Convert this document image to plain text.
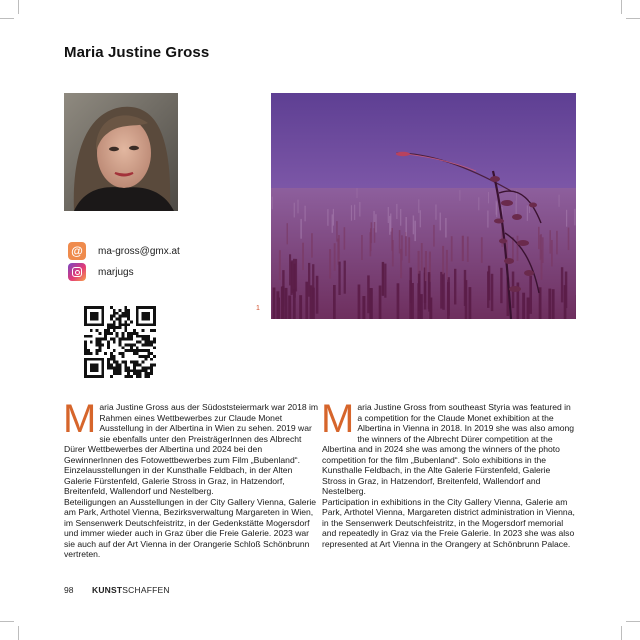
Maria Justine Gross
@	ma-gross@gmx.at
marjugs
1
M aria Justine Gross aus der Südoststeiermark war 2018 im Rahmen eines Wettbewerbes zur Claude Monet Ausstellung in der Albertina in Wien zu sehen. 2019 war sie ebenfalls unter den PreisträgerInnen des Albrecht Dürer Wettbewerbes der Albertina und 2024 bei den GewinnerInnen des Fotowettbewerbes zum Film „Bubenland“. Einzelausstellungen in der Kunsthalle Feldbach, in der Alten Galerie Fürstenfeld, Galerie Stross in Graz, in Hatzendorf, Breitenfeld, Wallendorf und Nestelberg.

Beteiligungen an Ausstellungen in der City Gallery Vienna, Galerie am Park, Arthotel Vienna, Bezirksverwaltung Margareten in Wien, im Sensenwerk Deutschfeistritz, in der Gedenkstätte Mogersdorf und immer wieder auch in Graz über die Freie Galerie. 2023 war sie auch auf der Art Vienna in der Orangerie Schloß Schönbrunn vertreten.

M aria Justine Gross from southeast Styria was featured in a competition for the Claude Monet exhibition at the Albertina in Vienna in 2018. In 2019 she was also among the winners of the Albrecht Dürer competition at the Albertina and in 2024 she was among the winners of the photo competition for the film „Bubenland“. Solo exhibitions in the Kunsthalle Feldbach, in the Alte Galerie Fürstenfeld, Galerie Stross in Graz, in Hatzendorf, Breitenfeld, Wallendorf and Nestelberg.

Participation in exhibitions in the City Gallery Vienna, Galerie am Park, Arthotel Vienna, Margareten district administration in Vienna, in the Sensenwerk Deutschfeistritz, in the Mogersdorf memorial and repeatedly in Graz via the Freie Galerie. In 2023 she was also represented at Art Vienna in the Orangery at Schönbrunn Palace.

98 KUNSTSCHAFFEN
